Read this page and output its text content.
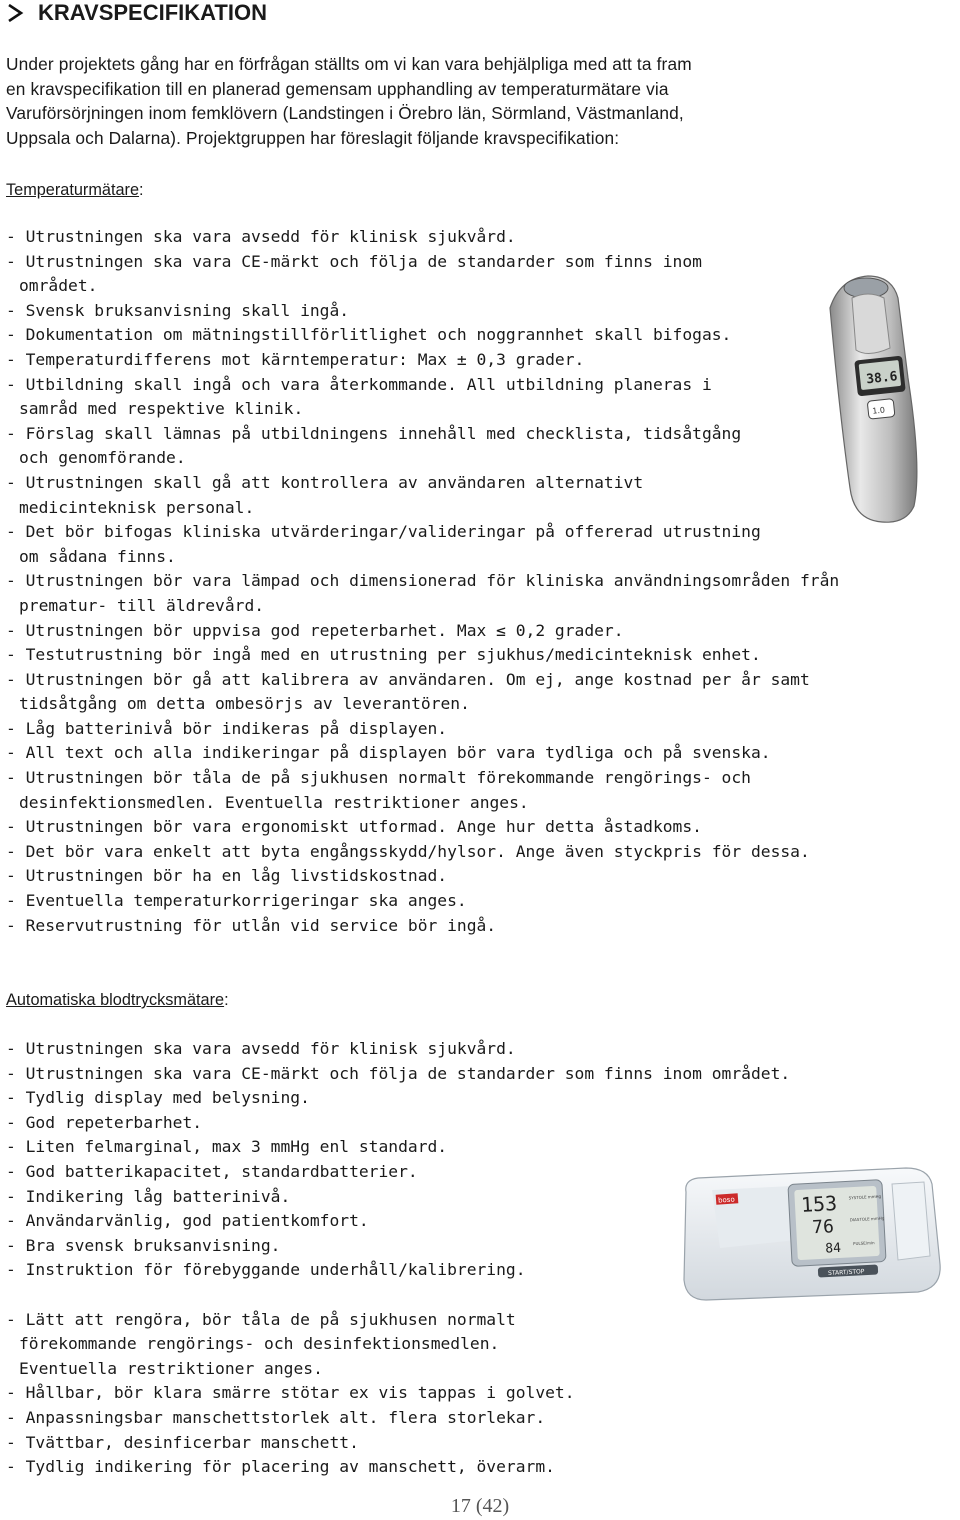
KRAVSPECIFIKATION
Under projektets gång har en förfrågan ställts om vi kan vara behjälpliga med att ta fram
en kravspecifikation till en planerad gemensam upphandling av temperaturmätare via
Varuförsörjningen inom femklövern (Landstingen i Örebro län, Sörmland, Västmanland,
Uppsala och Dalarna). Projektgruppen har föreslagit följande kravspecifikation:
Temperaturmätare:
- Utrustningen ska vara avsedd för klinisk sjukvård.
- Utrustningen ska vara CE-märkt och följa de standarder som finns inom
området.
- Svensk bruksanvisning skall ingå.
- Dokumentation om mätningstillförlitlighet och noggrannhet skall bifogas.
- Temperaturdifferens mot kärntemperatur: Max ± 0,3 grader.
- Utbildning skall ingå och vara återkommande. All utbildning planeras i
samråd med respektive klinik.
- Förslag skall lämnas på utbildningens innehåll med checklista, tidsåtgång
och genomförande.
- Utrustningen skall gå att kontrollera av användaren alternativt
medicinteknisk personal.
- Det bör bifogas kliniska utvärderingar/valideringar på offererad utrustning
om sådana finns.
- Utrustningen bör vara lämpad och dimensionerad för kliniska användningsområden från
prematur- till äldrevård.
- Utrustningen bör uppvisa god repeterbarhet. Max ≤ 0,2 grader.
- Testutrustning bör ingå med en utrustning per sjukhus/medicinteknisk enhet.
- Utrustningen bör gå att kalibrera av användaren. Om ej, ange kostnad per år samt
tidsåtgång om detta ombesörjs av leverantören.
- Låg batterinivå bör indikeras på displayen.
- All text och alla indikeringar på displayen bör vara tydliga och på svenska.
- Utrustningen bör tåla de på sjukhusen normalt förekommande rengörings- och
desinfektionsmedlen. Eventuella restriktioner anges.
- Utrustningen bör vara ergonomiskt utformad. Ange hur detta åstadkoms.
- Det bör vara enkelt att byta engångsskydd/hylsor. Ange även styckpris för dessa.
- Utrustningen bör ha en låg livstidskostnad.
- Eventuella temperaturkorrigeringar ska anges.
- Reservutrustning för utlån vid service bör ingå.
Automatiska blodtrycksmätare:
- Utrustningen ska vara avsedd för klinisk sjukvård.
- Utrustningen ska vara CE-märkt och följa de standarder som finns inom området.
- Tydlig display med belysning.
- God repeterbarhet.
- Liten felmarginal, max 3 mmHg enl standard.
- God batterikapacitet, standardbatterier.
- Indikering låg batterinivå.
- Användarvänlig, god patientkomfort.
- Bra svensk bruksanvisning.
- Instruktion för förebyggande underhåll/kalibrering.
- Lätt att rengöra, bör tåla de på sjukhusen normalt
förekommande rengörings- och desinfektionsmedlen.
Eventuella restriktioner anges.
- Hållbar, bör klara smärre stötar ex vis tappas i golvet.
- Anpassningsbar manschettstorlek alt. flera storlekar.
- Tvättbar, desinficerbar manschett.
- Tydlig indikering för placering av manschett, överarm.
38.6
1.0
boso	153
76
84
SYSTOLE mmHg
DIASTOLE mmHg
PULSE/min
START/STOP
17 (42)
